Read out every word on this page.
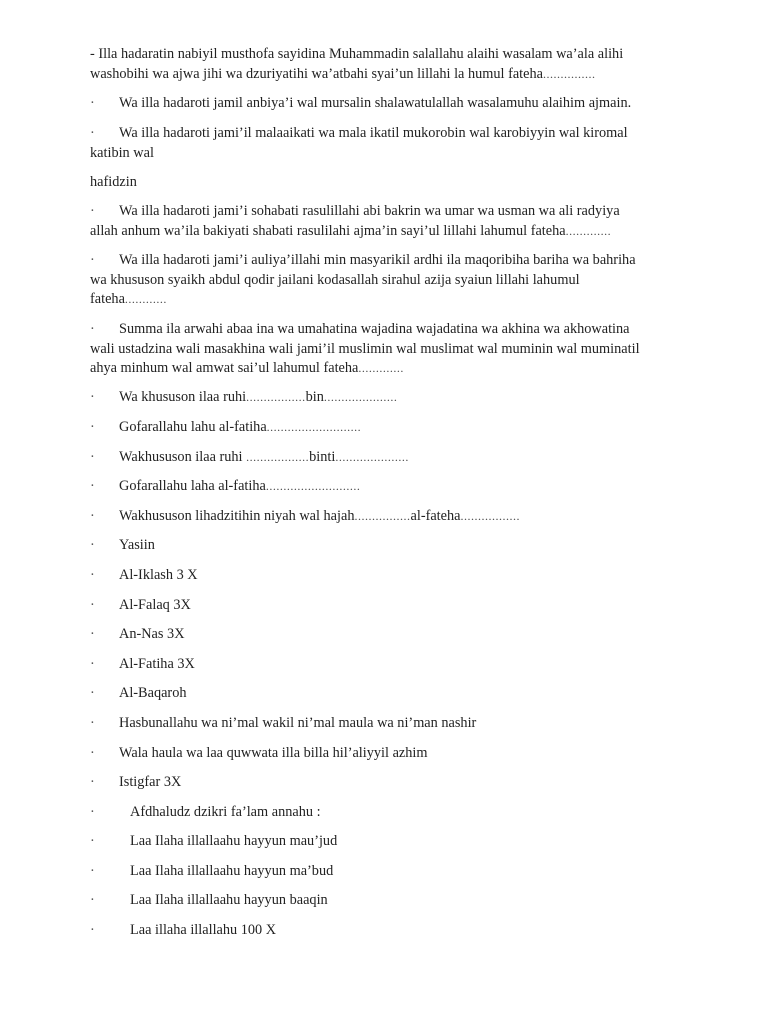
- Illa hadaratin nabiyil musthofa sayidina Muhammadin salallahu alaihi wasalam wa’ala alihi

washobihi wa ajwa jihi wa dzuriyatihi wa’atbahi syai’un lillahi la humul fateha...............

· Wa illa hadaroti jamil anbiya’i wal mursalin shalawatulallah wasalamuhu alaihim ajmain.

· Wa illa hadaroti jami’il malaaikati wa mala ikatil mukorobin wal karobiyyin wal kiromal

katibin wal

hafidzin

· Wa illa hadaroti jami’i sohabati rasulillahi abi bakrin wa umar wa usman wa ali radyiya

allah anhum wa’ila bakiyati shabati rasulilahi ajma’in sayi’ul lillahi lahumul fateha.............

· Wa illa hadaroti jami’i auliya’illahi min masyarikil ardhi ila maqoribiha bariha wa bahriha

wa khususon syaikh abdul qodir jailani kodasallah sirahul azija syaiun lillahi lahumul

fateha............

· Summa ila arwahi abaa ina wa umahatina wajadina wajadatina wa akhina wa akhowatina

wali ustadzina wali masakhina wali jami’il muslimin wal muslimat wal muminin wal muminatil

ahya minhum wal amwat sai’ul lahumul fateha.............

· Wa khususon ilaa ruhi.................bin.....................
· Gofarallahu lahu al-fatiha...........................
· Wakhususon ilaa ruhi ..................binti.....................
· Gofarallahu laha al-fatiha...........................
· Wakhususon lihadzitihin niyah wal hajah................al-fateha.................
· Yasiin
· Al-Iklash 3 X
· Al-Falaq 3X
· An-Nas 3X
· Al-Fatiha 3X
· Al-Baqaroh
· Hasbunallahu wa ni’mal wakil ni’mal maula wa ni’man nashir
· Wala haula wa laa quwwata illa billa hil’aliyyil azhim
· Istigfar 3X
· Afdhaludz dzikri fa’lam annahu :
· Laa Ilaha illallaahu hayyun mau’jud
· Laa Ilaha illallaahu hayyun ma’bud
· Laa Ilaha illallaahu hayyun baaqin
· Laa illaha illallahu 100 X
